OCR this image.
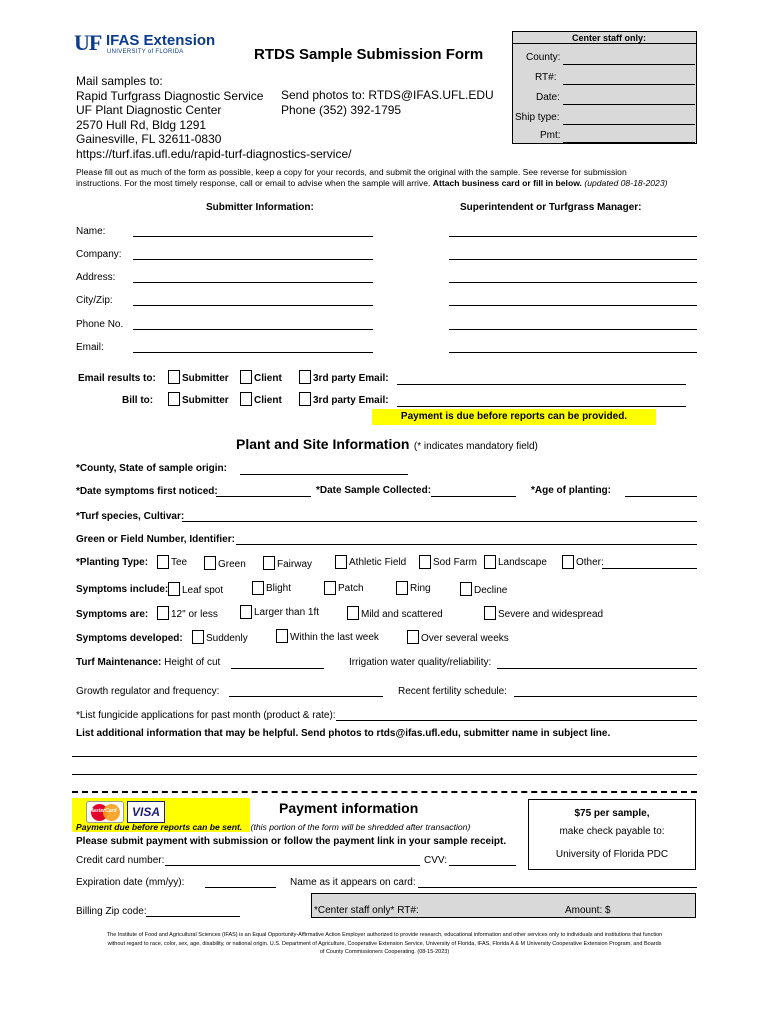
UF IFAS Extension
UNIVERSITY of FLORIDA	RTDS Sample Submission Form
Center staff only:
County:
RT#:
Date:
Ship type:
Pmt:
Mail samples to:
Rapid Turfgrass Diagnostic Service
UF Plant Diagnostic Center
2570 Hull Rd, Bldg 1291
Gainesville, FL 32611-0830
https://turf.ifas.ufl.edu/rapid-turf-diagnostics-service/
Send photos to: RTDS@IFAS.UFL.EDU
Phone (352) 392-1795
Please fill out as much of the form as possible, keep a copy for your records, and submit the original with the sample. See reverse for submission
instructions. For the most timely response, call or email to advise when the sample will arrive. Attach business card or fill in below. (updated 08-18-2023)
Submitter Information:	Superintendent or Turfgrass Manager:
Name:
Company:
Address:
City/Zip:
Phone No.
Email:
Email results to:	Submitter	Client	3rd party Email:
Bill to:	Submitter	Client	3rd party Email:
Payment is due before reports can be provided.
Plant and Site Information (* indicates mandatory field)
*County, State of sample origin:
*Date symptoms first noticed:	*Date Sample Collected:	*Age of planting:
*Turf species, Cultivar:
Green or Field Number, Identifier:
*Planting Type: Tee	Green	Fairway	Athletic Field	Sod Farm Landscape	Other:
Symptoms include: Leaf spot	Blight	Patch	Ring	Decline
Symptoms are: 12" or less	Larger than 1ft	Mild and scattered	Severe and widespread
Symptoms developed: Suddenly	Within the last week	Over several weeks
Turf Maintenance: Height of cut	Irrigation water quality/reliability:
Growth regulator and frequency:	Recent fertility schedule:
*List fungicide applications for past month (product & rate):
List additional information that may be helpful. Send photos to rtds@ifas.ufl.edu, submitter name in subject line.
MasterCard	VISA	Payment information
Payment due before reports can be sent. (this portion of the form will be shredded after transaction)
Please submit payment with submission or follow the payment link in your sample receipt.
$75 per sample,
make check payable to:
University of Florida PDC
Credit card number:	CVV:
Expiration date (mm/yy):	Name as it appears on card:
Billing Zip code:	*Center staff only* RT#:	Amount: $
The Institute of Food and Agricultural Sciences (IFAS) is an Equal Opportunity-Affirmative Action Employer authorized to provide research, educational information and other services only to individuals and institutions that function
without regard to race, color, sex, age, disability, or national origin. U.S. Department of Agriculture, Cooperative Extension Service, University of Florida, IFAS, Florida A & M University Cooperative Extension Program, and Boards
of County Commissioners Cooperating. (08-15-2023)
